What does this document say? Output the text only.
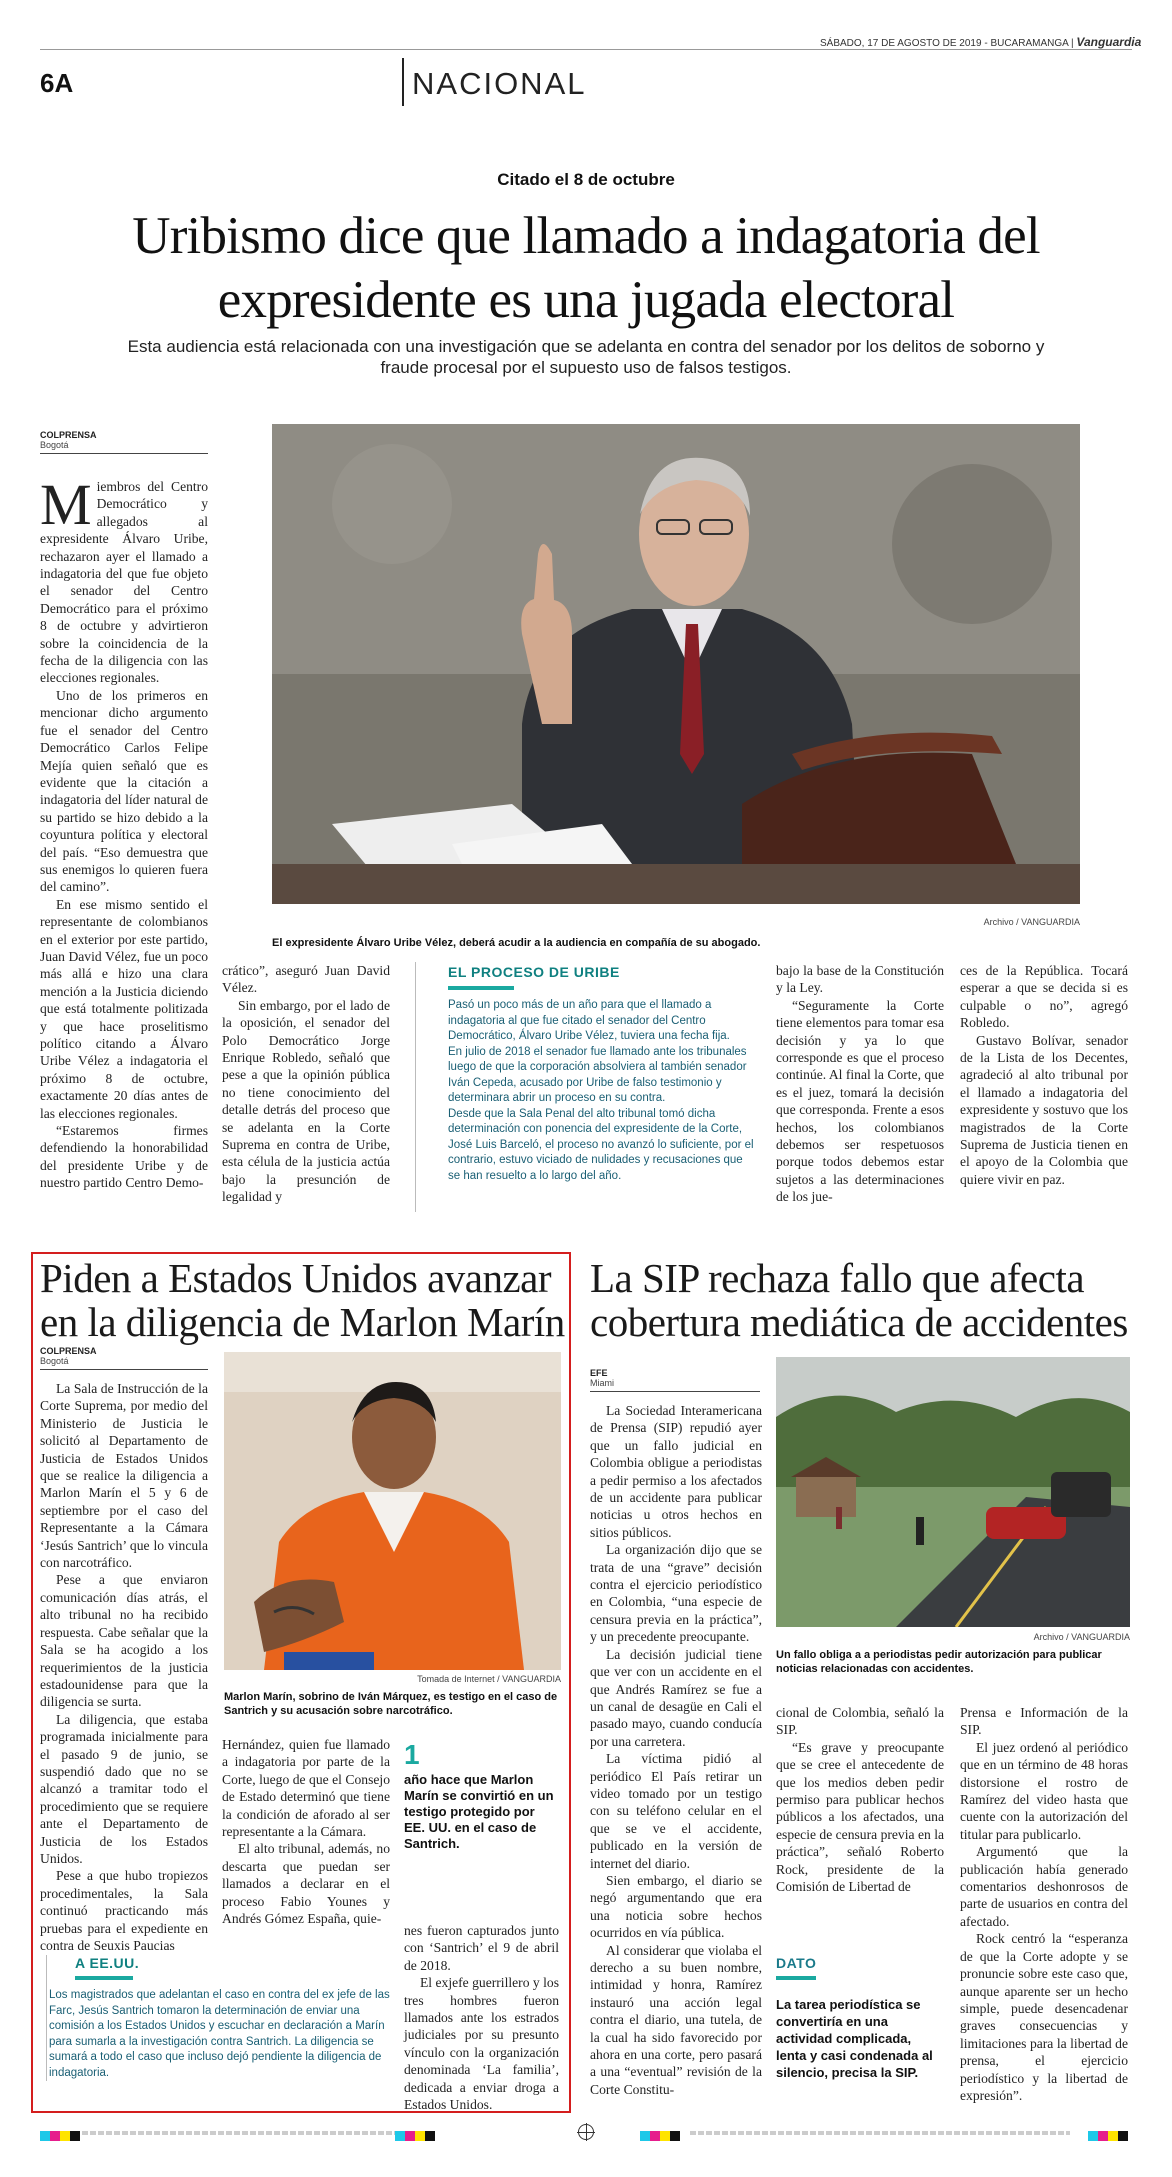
6A	NACIONAL
SÁBADO, 17 DE AGOSTO DE 2019 - BUCARAMANGA | Vanguardia
Citado el 8 de octubre
Uribismo dice que llamado a indagatoria del expresidente es una jugada electoral
Esta audiencia está relacionada con una investigación que se adelanta en contra del senador por los delitos de soborno y fraude procesal por el supuesto uso de falsos testigos.
COLPRENSA
Bogotá
Archivo / VANGUARDIA
El expresidente Álvaro Uribe Vélez, deberá acudir a la audiencia en compañía de su abogado.

Miembros del Centro Democrático y allegados al expresidente Álvaro Uribe, rechazaron ayer el llamado a indagatoria del que fue objeto el senador del Centro Democrático para el próximo 8 de octubre y advirtieron sobre la coincidencia de la fecha de la diligencia con las elecciones regionales.

Uno de los primeros en mencionar dicho argumento fue el senador del Centro Democrático Carlos Felipe Mejía quien señaló que es evidente que la citación a indagatoria del líder natural de su partido se hizo debido a la coyuntura política y electoral del país. “Eso demuestra que sus enemigos lo quieren fuera del camino”.

En ese mismo sentido el representante de colombianos en el exterior por este partido, Juan David Vélez, fue un poco más allá e hizo una clara mención a la Justicia diciendo que está totalmente politizada y que hace proselitismo político citando a Álvaro Uribe Vélez a indagatoria el próximo 8 de octubre, exactamente 20 días antes de las elecciones regionales.

“Estaremos firmes defendiendo la honorabilidad del presidente Uribe y de nuestro partido Centro Demo-

crático”, aseguró Juan David Vélez.

Sin embargo, por el lado de la oposición, el senador del Polo Democrático Jorge Enrique Robledo, señaló que pese a que la opinión pública no tiene conocimiento del detalle detrás del proceso que se adelanta en la Corte Suprema en contra de Uribe, esta célula de la justicia actúa bajo la presunción de legalidad y

EL PROCESO DE URIBE
Pasó un poco más de un año para que el llamado a indagatoria al que fue citado el senador del Centro Democrático, Álvaro Uribe Vélez, tuviera una fecha fija.
En julio de 2018 el senador fue llamado ante los tribunales luego de que la corporación absolviera al también senador Iván Cepeda, acusado por Uribe de falso testimonio y determinara abrir un proceso en su contra.
Desde que la Sala Penal del alto tribunal tomó dicha determinación con ponencia del expresidente de la Corte, José Luis Barceló, el proceso no avanzó lo suficiente, por el contrario, estuvo viciado de nulidades y recusaciones que se han resuelto a lo largo del año.

bajo la base de la Constitución y la Ley.

“Seguramente la Corte tiene elementos para tomar esa decisión y ya lo que corresponde es que el proceso continúe. Al final la Corte, que es el juez, tomará la decisión que corresponda. Frente a esos hechos, los colombianos debemos ser respetuosos porque todos debemos estar sujetos a las determinaciones de los jue-

ces de la República. Tocará esperar a que se decida si es culpable o no”, agregó Robledo.

Gustavo Bolívar, senador de la Lista de los Decentes, agradeció al alto tribunal por el llamado a indagatoria del expresidente y sostuvo que los magistrados de la Corte Suprema de Justicia tienen en el apoyo de la Colombia que quiere vivir en paz.

Piden a Estados Unidos avanzar en la diligencia de Marlon Marín
COLPRENSA
Bogotá
Tomada de Internet / VANGUARDIA
Marlon Marín, sobrino de Iván Márquez, es testigo en el caso de Santrich y su acusación sobre narcotráfico.

La Sala de Instrucción de la Corte Suprema, por medio del Ministerio de Justicia le solicitó al Departamento de Justicia de Estados Unidos que se realice la diligencia a Marlon Marín el 5 y 6 de septiembre por el caso del Representante a la Cámara ‘Jesús Santrich’ que lo vincula con narcotráfico.

Pese a que enviaron comunicación días atrás, el alto tribunal no ha recibido respuesta. Cabe señalar que la Sala se ha acogido a los requerimientos de la justicia estadounidense para que la diligencia se surta.

La diligencia, que estaba programada inicialmente para el pasado 9 de junio, se suspendió dado que no se alcanzó a tramitar todo el procedimiento que se requiere ante el Departamento de Justicia de los Estados Unidos.

Pese a que hubo tropiezos procedimentales, la Sala continuó practicando más pruebas para el expediente en contra de Seuxis Paucias

Hernández, quien fue llamado a indagatoria por parte de la Corte, luego de que el Consejo de Estado determinó que tiene la condición de aforado al ser representante a la Cámara.

El alto tribunal, además, no descarta que puedan ser llamados a declarar en el proceso Fabio Younes y Andrés Gómez España, quie-

1
año hace que Marlon Marín se convirtió en un testigo protegido por EE. UU. en el caso de Santrich.

nes fueron capturados junto con ‘Santrich’ el 9 de abril de 2018.

El exjefe guerrillero y los tres hombres fueron llamados ante los estrados judiciales por su presunto vínculo con la organización denominada ‘La familia’, dedicada a enviar droga a Estados Unidos.

A EE.UU.
Los magistrados que adelantan el caso en contra del ex jefe de las Farc, Jesús Santrich tomaron la determinación de enviar una comisión a los Estados Unidos y escuchar en declaración a Marín para sumarla a la investigación contra Santrich. La diligencia se sumará a todo el caso que incluso dejó pendiente la diligencia de indagatoria.
La SIP rechaza fallo que afecta cobertura mediática de accidentes
EFE
Miami
Archivo / VANGUARDIA
Un fallo obliga a a periodistas pedir autorización para publicar noticias relacionadas con accidentes.

La Sociedad Interamericana de Prensa (SIP) repudió ayer que un fallo judicial en Colombia obligue a periodistas a pedir permiso a los afectados de un accidente para publicar noticias u otros hechos en sitios públicos.

La organización dijo que se trata de una “grave” decisión contra el ejercicio periodístico en Colombia, “una especie de censura previa en la práctica”, y un precedente preocupante.

La decisión judicial tiene que ver con un accidente en el que Andrés Ramírez se fue a un canal de desagüe en Cali el pasado mayo, cuando conducía por una carretera.

La víctima pidió al periódico El País retirar un video tomado por un testigo con su teléfono celular en el que se ve el accidente, publicado en la versión de internet del diario.

Sien embargo, el diario se negó argumentando que era una noticia sobre hechos ocurridos en vía pública.

Al considerar que violaba el derecho a su buen nombre, intimidad y honra, Ramírez instauró una acción legal contra el diario, una tutela, de la cual ha sido favorecido por ahora en una corte, pero pasará a una “eventual” revisión de la Corte Constitu-

cional de Colombia, señaló la SIP.

“Es grave y preocupante que se cree el antecedente de que los medios deben pedir permiso para publicar hechos públicos a los afectados, una especie de censura previa en la práctica”, señaló Roberto Rock, presidente de la Comisión de Libertad de

DATO
La tarea periodística se convertiría en una actividad complicada, lenta y casi condenada al silencio, precisa la SIP.

Prensa e Información de la SIP.

El juez ordenó al periódico que en un término de 48 horas distorsione el rostro de Ramírez del video hasta que cuente con la autorización del titular para publicarlo.

Argumentó que la publicación había generado comentarios deshonrosos de parte de usuarios en contra del afectado.

Rock centró la “esperanza de que la Corte adopte y se pronuncie sobre este caso que, aunque aparente ser un hecho simple, puede desencadenar graves consecuencias y limitaciones para la libertad de prensa, el ejercicio periodístico y la libertad de expresión”.
